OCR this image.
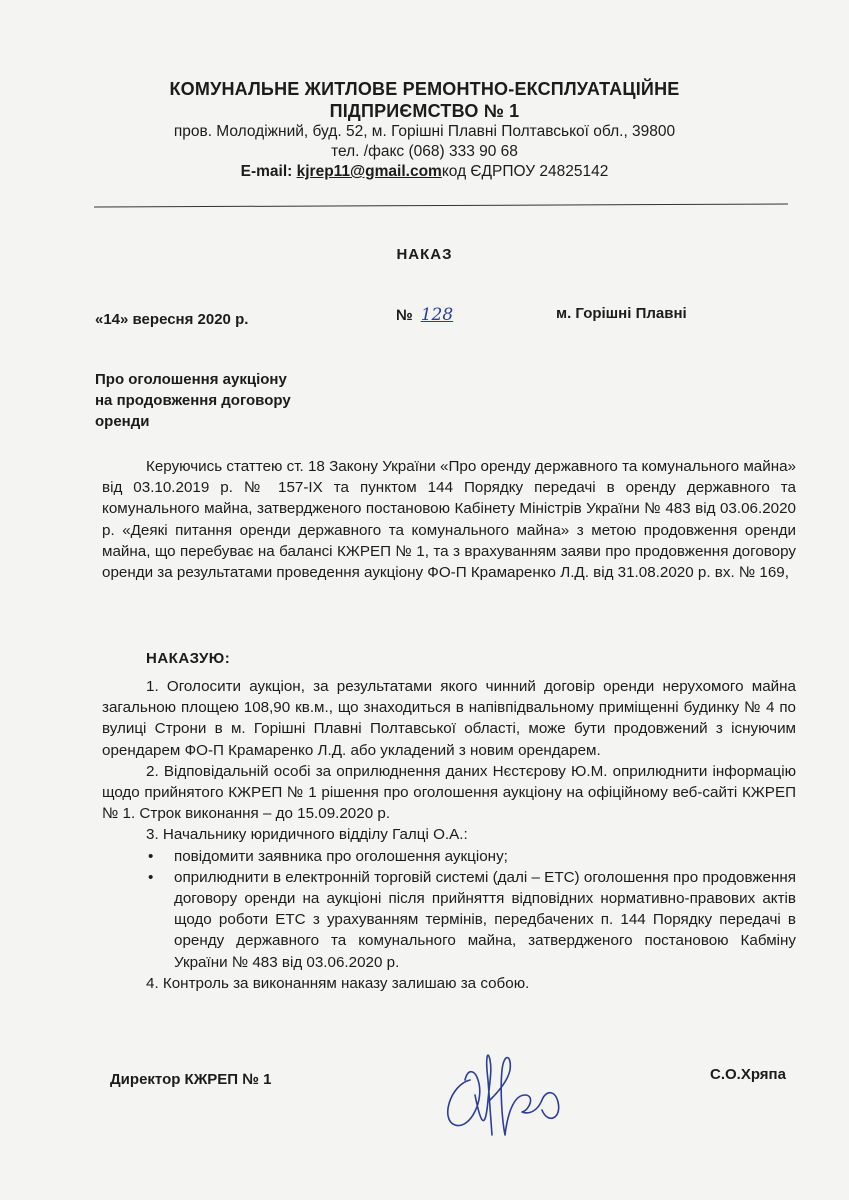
КОМУНАЛЬНЕ ЖИТЛОВЕ РЕМОНТНО-ЕКСПЛУАТАЦІЙНЕ
ПІДПРИЄМСТВО № 1
пров. Молодіжний, буд. 52, м. Горішні Плавні Полтавської обл., 39800
тел. /факс (068) 333 90 68
E-mail: kjrep11@gmail.comкод ЄДРПОУ 24825142
НАКАЗ
«14» вересня 2020 р.	№ 128	м. Горішні Плавні
Про оголошення аукціону
на продовження договору
оренди

Керуючись статтею ст. 18 Закону України «Про оренду державного та комунального майна» від 03.10.2019 р. № 157-IX та пунктом 144 Порядку передачі в оренду державного та комунального майна, затвердженого постановою Кабінету Міністрів України № 483 від 03.06.2020 р. «Деякі питання оренди державного та комунального майна» з метою продовження оренди майна, що перебуває на балансі КЖРЕП № 1, та з врахуванням заяви про продовження договору оренди за результатами проведення аукціону ФО-П Крамаренко Л.Д. від 31.08.2020 р. вх. № 169,

НАКАЗУЮ:

1. Оголосити аукціон, за результатами якого чинний договір оренди нерухомого майна загальною площею 108,90 кв.м., що знаходиться в напівпідвальному приміщенні будинку № 4 по вулиці Строни в м. Горішні Плавні Полтавської області, може бути продовжений з існуючим орендарем ФО-П Крамаренко Л.Д. або укладений з новим орендарем.

2. Відповідальній особі за оприлюднення даних Нєстєрову Ю.М. оприлюднити інформацію щодо прийнятого КЖРЕП № 1 рішення про оголошення аукціону на офіційному веб-сайті КЖРЕП № 1. Строк виконання – до 15.09.2020 р.

3. Начальнику юридичного відділу Галці О.А.:

• повідомити заявника про оголошення аукціону;

• оприлюднити в електронній торговій системі (далі – ЕТС) оголошення про продовження договору оренди на аукціоні після прийняття відповідних нормативно-правових актів щодо роботи ЕТС з урахуванням термінів, передбачених п. 144 Порядку передачі в оренду державного та комунального майна, затвердженого постановою Кабміну України № 483 від 03.06.2020 р.

4. Контроль за виконанням наказу залишаю за собою.

Директор КЖРЕП № 1	С.О.Хряпа
